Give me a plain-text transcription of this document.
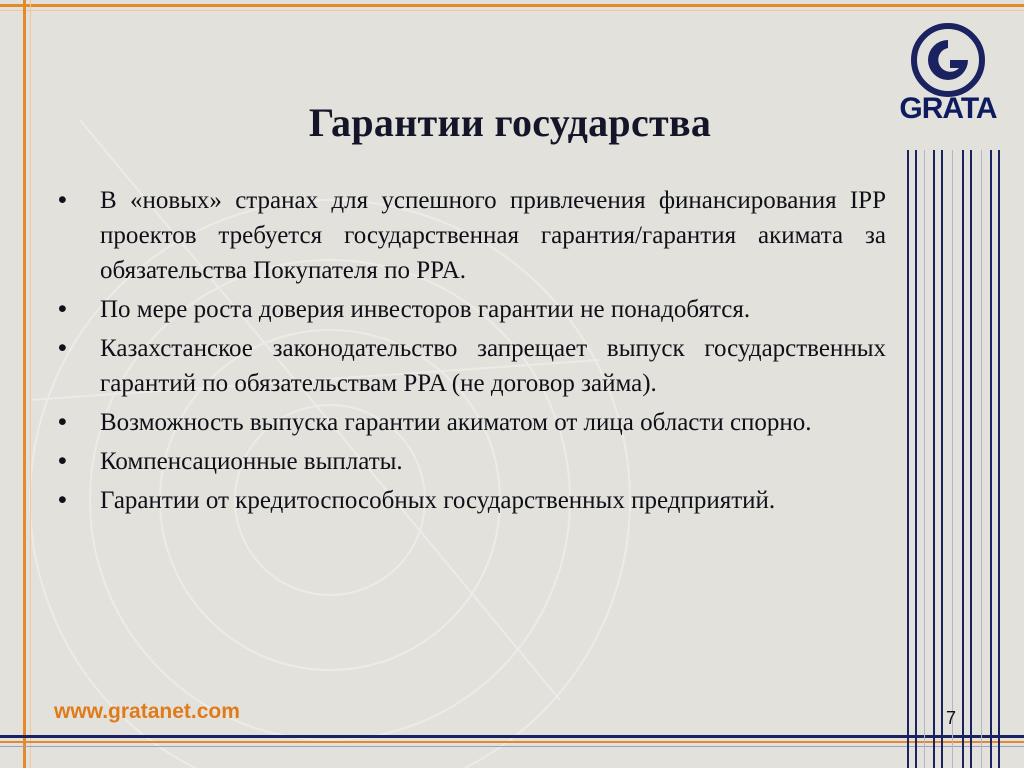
Гарантии государства	GRATA
• В «новых» странах для успешного привлечения финансирования IPP проектов требуется государственная гарантия/гарантия акимата за обязательства Покупателя по PPA.
• По мере роста доверия инвесторов гарантии не понадобятся.
• Казахстанское законодательство запрещает выпуск государственных гарантий по обязательствам PPA (не договор займа).
• Возможность выпуска гарантии акиматом от лица области спорно.
• Компенсационные выплаты.
• Гарантии от кредитоспособных государственных предприятий.
www.gratanet.com	7
